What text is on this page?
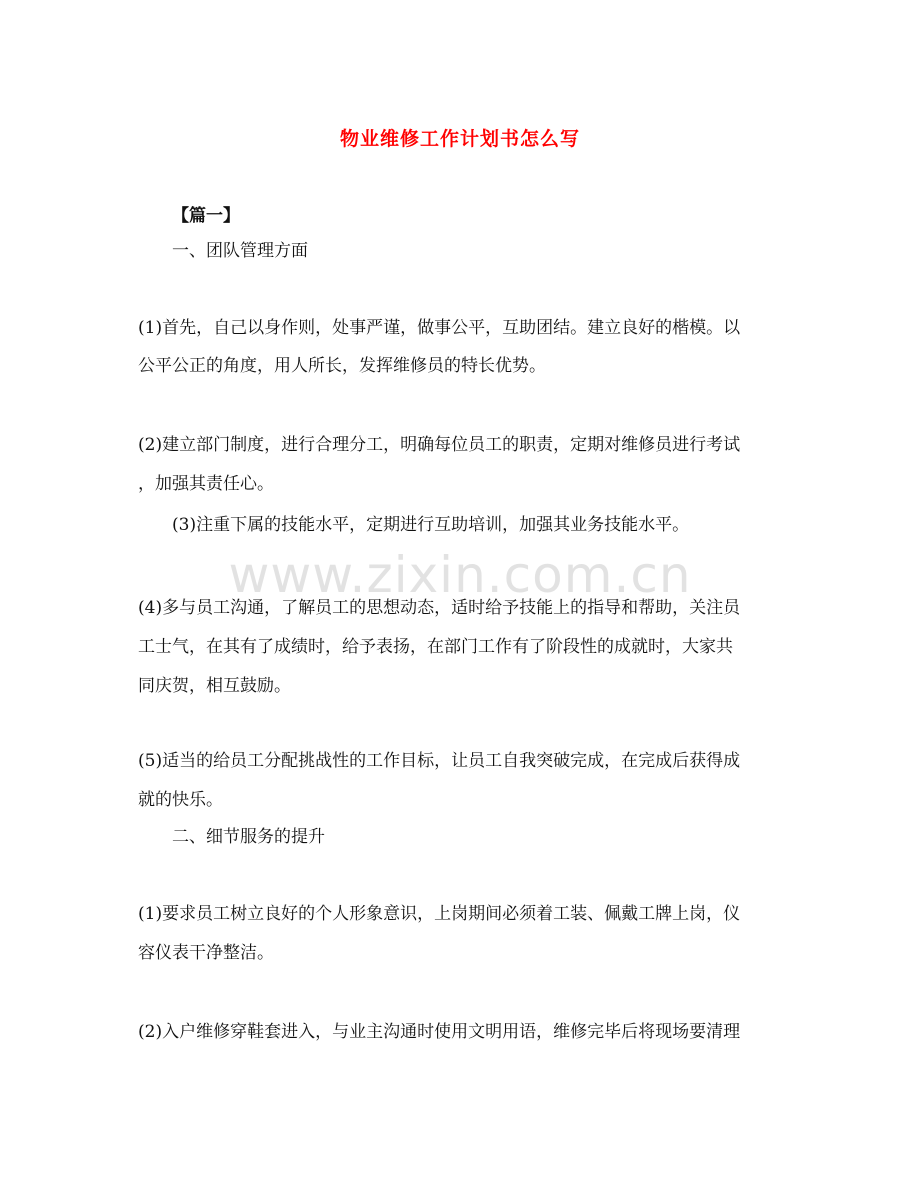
www.zixin.com.cn
物业维修工作计划书怎么写
【篇一】
一、团队管理方面
(1)首先，自己以身作则，处事严谨，做事公平，互助团结。建立良好的楷模。以
公平公正的角度，用人所长，发挥维修员的特长优势。
(2)建立部门制度，进行合理分工，明确每位员工的职责，定期对维修员进行考试
，加强其责任心。
(3)注重下属的技能水平，定期进行互助培训，加强其业务技能水平。
(4)多与员工沟通，了解员工的思想动态，适时给予技能上的指导和帮助，关注员
工士气，在其有了成绩时，给予表扬，在部门工作有了阶段性的成就时，大家共
同庆贺，相互鼓励。
(5)适当的给员工分配挑战性的工作目标，让员工自我突破完成，在完成后获得成
就的快乐。
二、细节服务的提升
(1)要求员工树立良好的个人形象意识，上岗期间必须着工装、佩戴工牌上岗，仪
容仪表干净整洁。
(2)入户维修穿鞋套进入，与业主沟通时使用文明用语，维修完毕后将现场要清理
